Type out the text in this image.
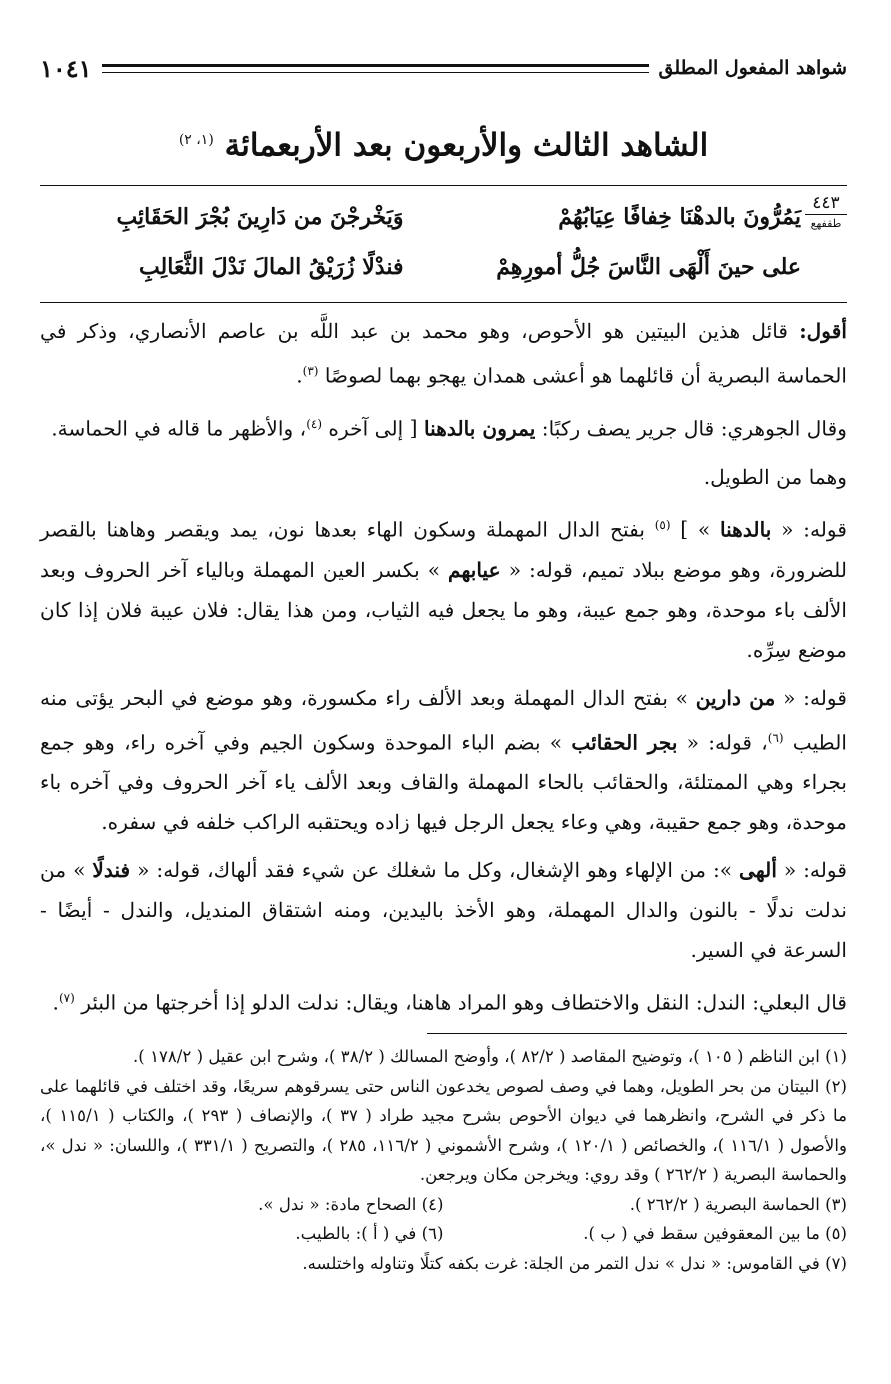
شواهد المفعول المطلق
١٠٤١
الشاهد الثالث والأربعون بعد الأربعمائة $^{(١، ٢)}$
٤٤٣
طقفهع
يَمُرُّونَ بالدهْنَا خِفافًا عِيَابُهُمْ
وَيَخْرجْنَ من دَارِينَ بُجْرَ الحَقَائِبِ
على حينَ أَلْهَى النَّاسَ جُلُّ أمورِهِمْ
فندْلًا زُرَيْقُ المالَ نَدْلَ الثَّعَالِبِ

أقول: قائل هذين البيتين هو الأحوص، وهو محمد بن عبد اللَّه بن عاصم الأنصاري، وذكر في الحماسة البصرية أن قائلهما هو أعشى همدان يهجو بهما لصوصًا $^{(٣)}$.

وقال الجوهري: قال جرير يصف ركبًا: يمرون بالدهنا [ إلى آخره $^{(٤)}$، والأظهر ما قاله في الحماسة.

وهما من الطويل.

قوله: « بالدهنا » ] $^{(٥)}$ بفتح الدال المهملة وسكون الهاء بعدها نون، يمد ويقصر وهاهنا بالقصر للضرورة، وهو موضع ببلاد تميم، قوله: « عيابهم » بكسر العين المهملة وبالياء آخر الحروف وبعد الألف باء موحدة، وهو جمع عيبة، وهو ما يجعل فيه الثياب، ومن هذا يقال: فلان عيبة فلان إذا كان موضع سِرِّه.

قوله: « من دارين » بفتح الدال المهملة وبعد الألف راء مكسورة، وهو موضع في البحر يؤتى منه الطيب $^{(٦)}$، قوله: « بجر الحقائب » بضم الباء الموحدة وسكون الجيم وفي آخره راء، وهو جمع بجراء وهي الممتلئة، والحقائب بالحاء المهملة والقاف وبعد الألف ياء آخر الحروف وفي آخره باء موحدة، وهو جمع حقيبة، وهي وعاء يجعل الرجل فيها زاده ويحتقبه الراكب خلفه في سفره.

قوله: « ألهى »: من الإلهاء وهو الإشغال، وكل ما شغلك عن شيء فقد ألهاك، قوله: « فندلًا » من ندلت ندلًا - بالنون والدال المهملة، وهو الأخذ باليدين، ومنه اشتقاق المنديل، والندل - أيضًا - السرعة في السير.

قال البعلي: الندل: النقل والاختطاف وهو المراد هاهنا، ويقال: ندلت الدلو إذا أخرجتها من البئر $^{(٧)}$.

(١) ابن الناظم ( ١٠٥ )، وتوضيح المقاصد ( ٨٢/٢ )، وأوضح المسالك ( ٣٨/٢ )، وشرح ابن عقيل ( ١٧٨/٢ ).

(٢) البيتان من بحر الطويل، وهما في وصف لصوص يخدعون الناس حتى يسرقوهم سريعًا، وقد اختلف في قائلهما على ما ذكر في الشرح، وانظرهما في ديوان الأحوص بشرح مجيد طراد ( ٣٧ )، والإنصاف ( ٢٩٣ )، والكتاب ( ١١٥/١ )، والأصول ( ١١٦/١ )، والخصائص ( ١٢٠/١ )، وشرح الأشموني ( ١١٦/٢، ٢٨٥ )، والتصريح ( ٣٣١/١ )، واللسان: « ندل »، والحماسة البصرية ( ٢٦٢/٢ ) وقد روي: ويخرجن مكان ويرجعن.

(٣) الحماسة البصرية ( ٢٦٢/٢ ).
(٤) الصحاح مادة: « ندل ».
(٥) ما بين المعقوفين سقط في ( ب ).
(٦) في ( أ ): بالطيب.

(٧) في القاموس: « ندل » ندل التمر من الجلة: غرت بكفه كتلًا وتناوله واختلسه.
